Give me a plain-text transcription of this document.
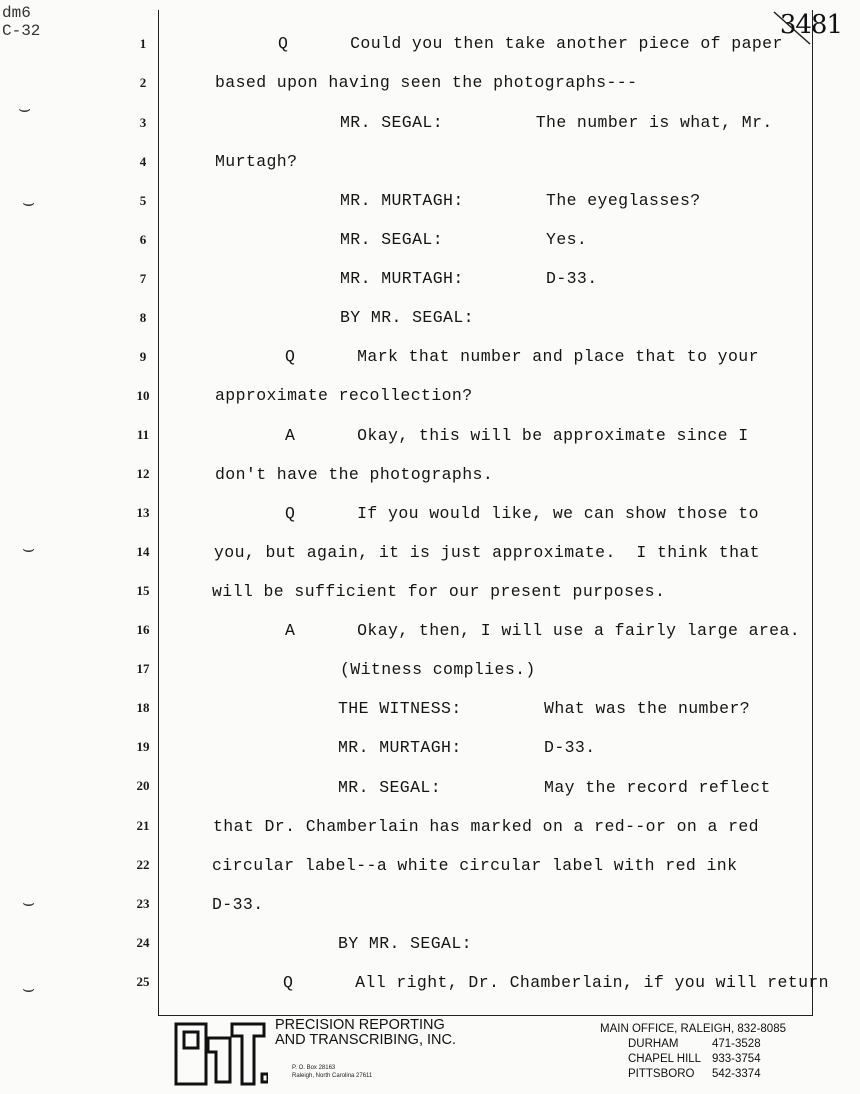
dm6
C-32
⌣
⌣
⌣
⌣
⌣
3481
1
2
3
4
5
6
7
8
9
10
11
12
13
14
15
16
17
18
19
20
21
22
23
24
25
Q      Could you then take another piece of paper
based upon having seen the photographs---
MR. SEGAL:         The number is what, Mr.
Murtagh?
MR. MURTAGH:        The eyeglasses?
MR. SEGAL:          Yes.
MR. MURTAGH:        D-33.
BY MR. SEGAL:
Q      Mark that number and place that to your
approximate recollection?
A      Okay, this will be approximate since I
don't have the photographs.
Q      If you would like, we can show those to
you, but again, it is just approximate.  I think that
will be sufficient for our present purposes.
A      Okay, then, I will use a fairly large area.
(Witness complies.)
THE WITNESS:        What was the number?
MR. MURTAGH:        D-33.
MR. SEGAL:          May the record reflect
that Dr. Chamberlain has marked on a red--or on a red
circular label--a white circular label with red ink
D-33.
BY MR. SEGAL:
Q      All right, Dr. Chamberlain, if you will return
PRECISION REPORTING
AND TRANSCRIBING, INC.
P. O. Box 28163
Raleigh, North Carolina 27611
MAIN OFFICE, RALEIGH,
832-8085
DURHAM	471-3528
CHAPEL HILL 933-3754
PITTSBORO	542-3374
